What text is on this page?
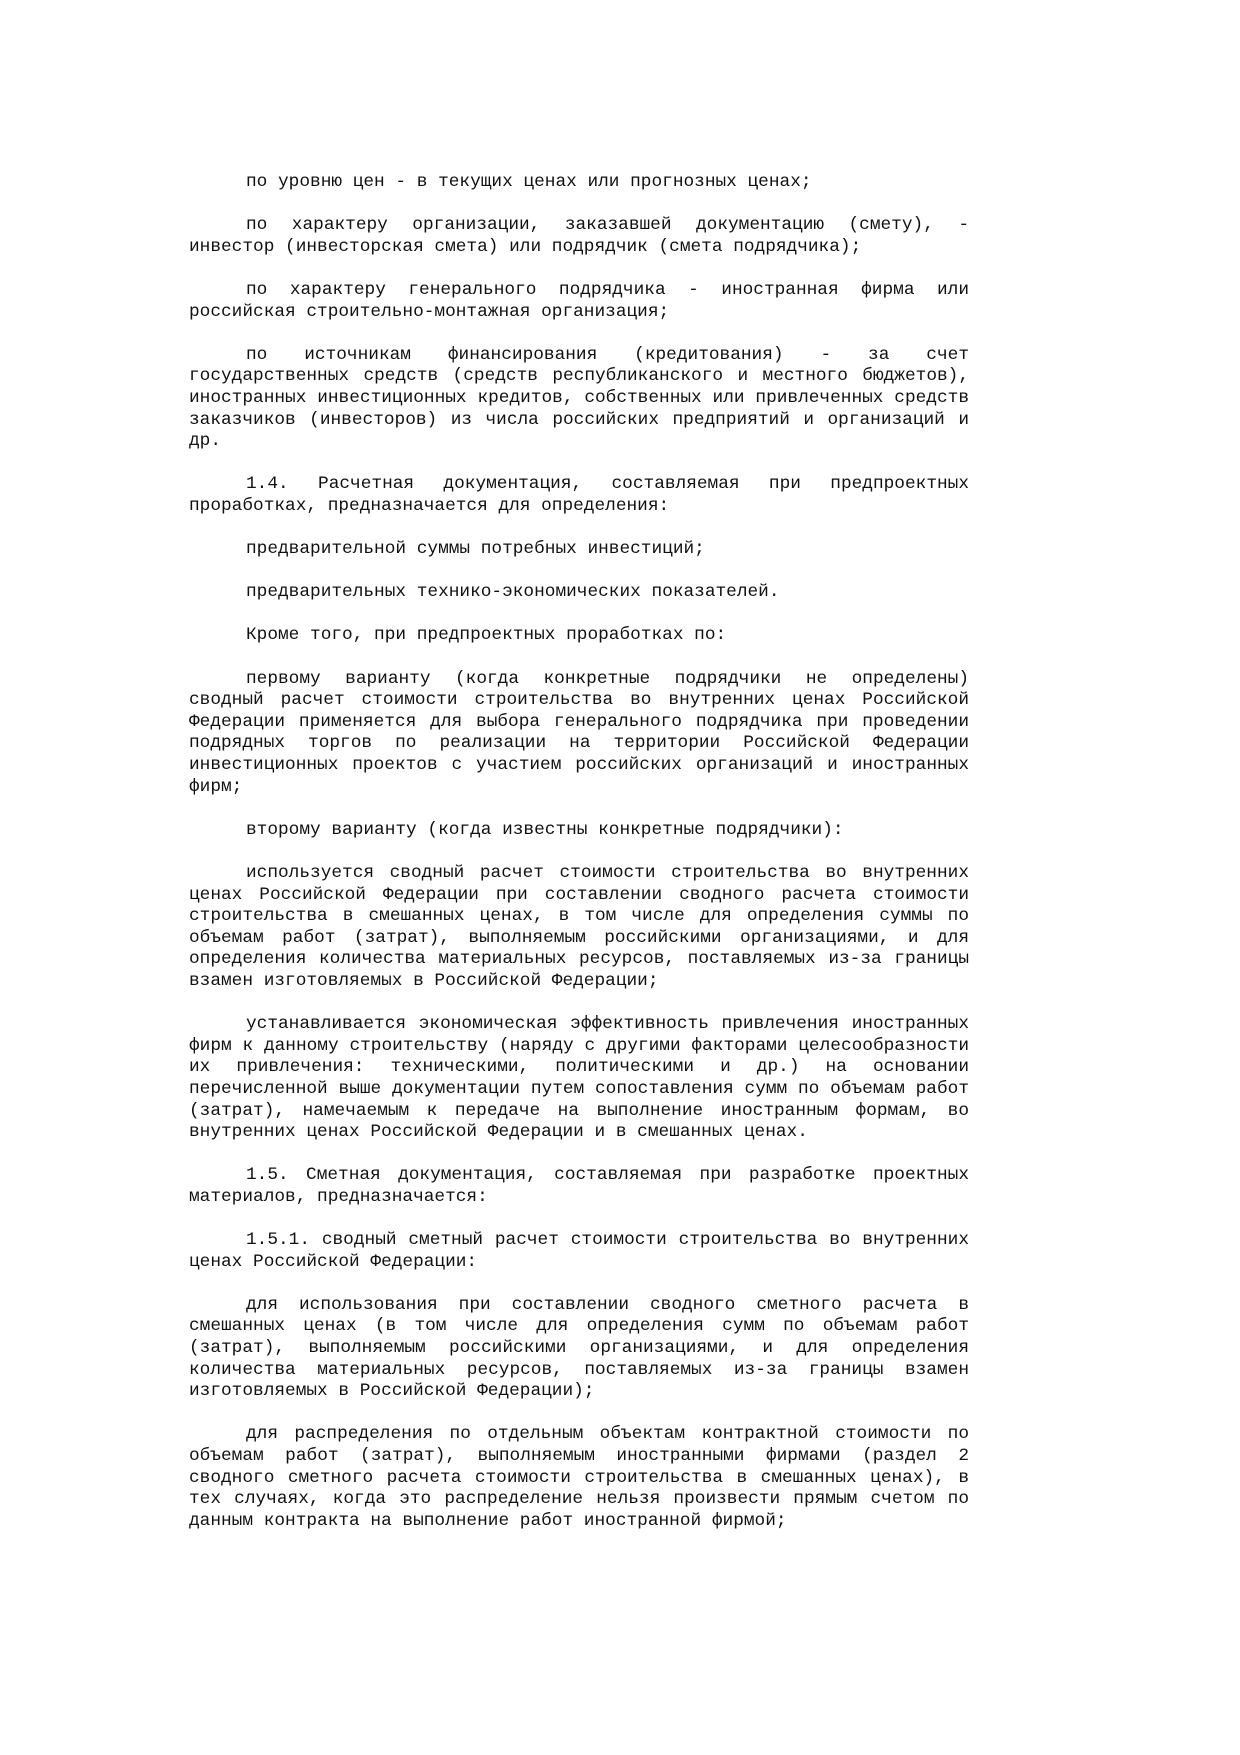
по уровню цен - в текущих ценах или прогнозных ценах;

по характеру организации, заказавшей документацию (смету), - инвестор (инвесторская смета) или подрядчик (смета подрядчика);

по характеру генерального подрядчика - иностранная фирма или российская строительно-монтажная организация;

по источникам финансирования (кредитования) - за счет государственных средств (средств республиканского и местного бюджетов), иностранных инвестиционных кредитов, собственных или привлеченных средств заказчиков (инвесторов) из числа российских предприятий и организаций и др.

1.4. Расчетная документация, составляемая при предпроектных проработках, предназначается для определения:

предварительной суммы потребных инвестиций;

предварительных технико-экономических показателей.

Кроме того, при предпроектных проработках по:

первому варианту (когда конкретные подрядчики не определены) сводный расчет стоимости строительства во внутренних ценах Российской Федерации применяется для выбора генерального подрядчика при проведении подрядных торгов по реализации на территории Российской Федерации инвестиционных проектов с участием российских организаций и иностранных фирм;

второму варианту (когда известны конкретные подрядчики):

используется сводный расчет стоимости строительства во внутренних ценах Российской Федерации при составлении сводного расчета стоимости строительства в смешанных ценах, в том числе для определения суммы по объемам работ (затрат), выполняемым российскими организациями, и для определения количества материальных ресурсов, поставляемых из-за границы взамен изготовляемых в Российской Федерации;

устанавливается экономическая эффективность привлечения иностранных фирм к данному строительству (наряду с другими факторами целесообразности их привлечения: техническими, политическими и др.) на основании перечисленной выше документации путем сопоставления сумм по объемам работ (затрат), намечаемым к передаче на выполнение иностранным формам, во внутренних ценах Российской Федерации и в смешанных ценах.

1.5. Сметная документация, составляемая при разработке проектных материалов, предназначается:

1.5.1. сводный сметный расчет стоимости строительства во внутренних ценах Российской Федерации:

для использования при составлении сводного сметного расчета в смешанных ценах (в том числе для определения сумм по объемам работ (затрат), выполняемым российскими организациями, и для определения количества материальных ресурсов, поставляемых из-за границы взамен изготовляемых в Российской Федерации);

для распределения по отдельным объектам контрактной стоимости по объемам работ (затрат), выполняемым иностранными фирмами (раздел 2 сводного сметного расчета стоимости строительства в смешанных ценах), в тех случаях, когда это распределение нельзя произвести прямым счетом по данным контракта на выполнение работ иностранной фирмой;
